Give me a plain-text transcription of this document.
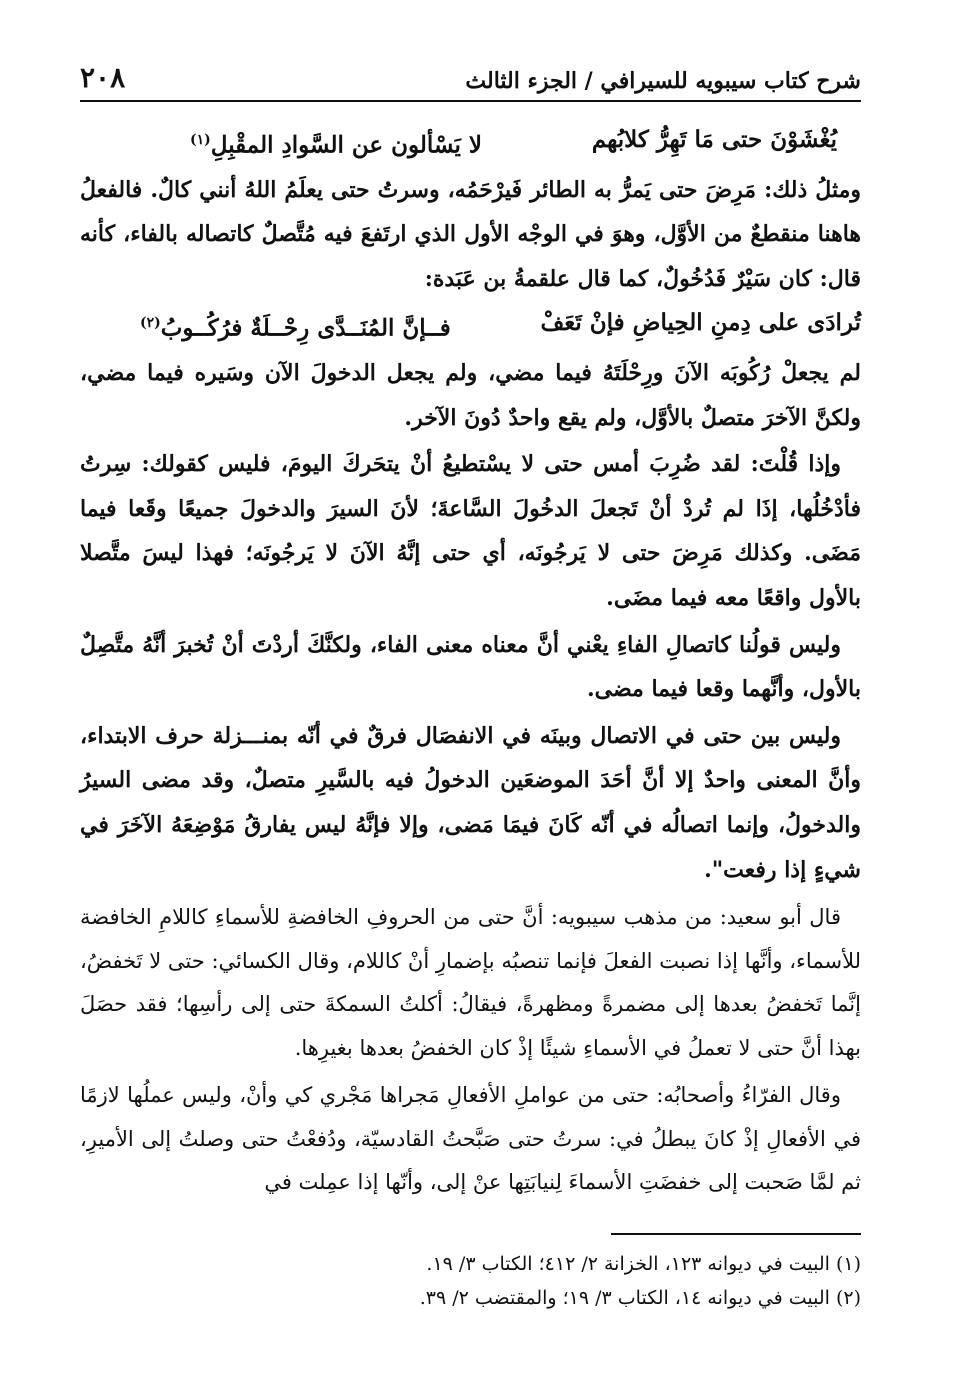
شرح كتاب سيبويه للسيرافي / الجزء الثالث
٢٠٨
يُغْشَوْنَ حتى مَا تَهِرُّ كلابُهم
لا يَسْألون عن السَّوادِ المقْبِلِ$^{(١)}$

ومثلُ ذلك: مَرِضَ حتى يَمرُّ به الطائر فَيرْحَمُه، وسرتُ حتى يعلَمُ اللهُ أنني كالٌ. فالفعلُ هاهنا منقطعٌ من الأوَّل، وهوَ في الوجْه الأول الذي ارتَفعَ فيه مُتَّصلٌ كاتصاله بالفاء، كأنه قال: كان سَيْرٌ فَدُخُولٌ، كما قال علقمةُ بن عَبَدة:

تُرادَى على دِمنِ الحِياضِ فإنْ تَعَفْ
فــإنَّ المُنَــدَّى رِحْــلَةٌ فرُكُــوبُ$^{(٢)}$

لم يجعلْ رُكُوبَه الآنَ ورِحْلَتَهُ فيما مضي، ولم يجعل الدخولَ الآن وسَيره فيما مضي، ولكنَّ الآخرَ متصلٌ بالأوَّل، ولم يقع واحدٌ دُونَ الآخر.

وإذا قُلْتَ: لقد ضُرِبَ أمس حتى لا يسْتطيعُ أنْ يتحَركَ اليومَ، فليس كقولك: سِرتُ فأدْخُلُها، إذَا لم تُردْ أنْ تَجعلَ الدخُولَ السَّاعةَ؛ لأنَ السيرَ والدخولَ جميعًا وقَعا فيما مَضَى. وكذلك مَرِضَ حتى لا يَرجُونَه، أي حتى إنَّهُ الآنَ لا يَرجُونَه؛ فهذا ليسَ متَّصلا بالأول واقعًا معه فيما مضَى.

وليس قولُنا كاتصالِ الفاءِ يعْني أنَّ معناه معنى الفاء، ولكنَّكَ أردْتَ أنْ تُخبرَ أنَّهُ متَّصِلٌ بالأول، وأنَّهما وقعا فيما مضى.

وليس بين حتى في الاتصال وبينَه في الانفصَال فرقٌ في أنّه بمنـــزلة حرف الابتداء، وأنَّ المعنى واحدٌ إلا أنَّ أحَدَ الموضعَين الدخولُ فيه بالسَّيرِ متصلٌ، وقد مضى السيرُ والدخولُ، وإنما اتصالُه في أنّه كَانَ فيمَا مَضى، وإلا فإنَّهُ ليس يفارقُ مَوْضِعَهُ الآخَرَ في شيءٍ إذا رفعت".

قال أبو سعيد: من مذهب سيبويه: أنَّ حتى من الحروفِ الخافضةِ للأسماءِ كاللامِ الخافضة للأسماء، وأنَّها إذا نصبت الفعلَ فإنما تنصبُه بإضمارِ أنْ كاللام، وقال الكسائي: حتى لا تَخفضُ، إنَّما تَخفضُ بعدها إلى مضمرةً ومظهرةً، فيقالُ: أكلتُ السمكةَ حتى إلى رأسِها؛ فقد حصَلَ بهذا أنَّ حتى لا تعملُ في الأسماءِ شيئًا إذْ كان الخفضُ بعدها بغيرِها.

وقال الفرّاءُ وأصحابُه: حتى من عواملِ الأفعالِ مَجراها مَجْري كي وأنْ، وليس عملُها لازمًا في الأفعالِ إذْ كانَ يبطلُ في: سرتُ حتى صَبَّحتُ القادسيّة، ودُفعْتُ حتى وصلتُ إلى الأميرِ، ثم لمَّا صَحبت إلى خفضَتِ الأسماءَ لِنيابَتِها عنْ إلى، وأنّها إذا عمِلت في

(١) البيت في ديوانه ١٢٣، الخزانة ٢/ ٤١٢؛ الكتاب ٣/ ١٩.
(٢) البيت في ديوانه ١٤، الكتاب ٣/ ١٩؛ والمقتضب ٢/ ٣٩.
